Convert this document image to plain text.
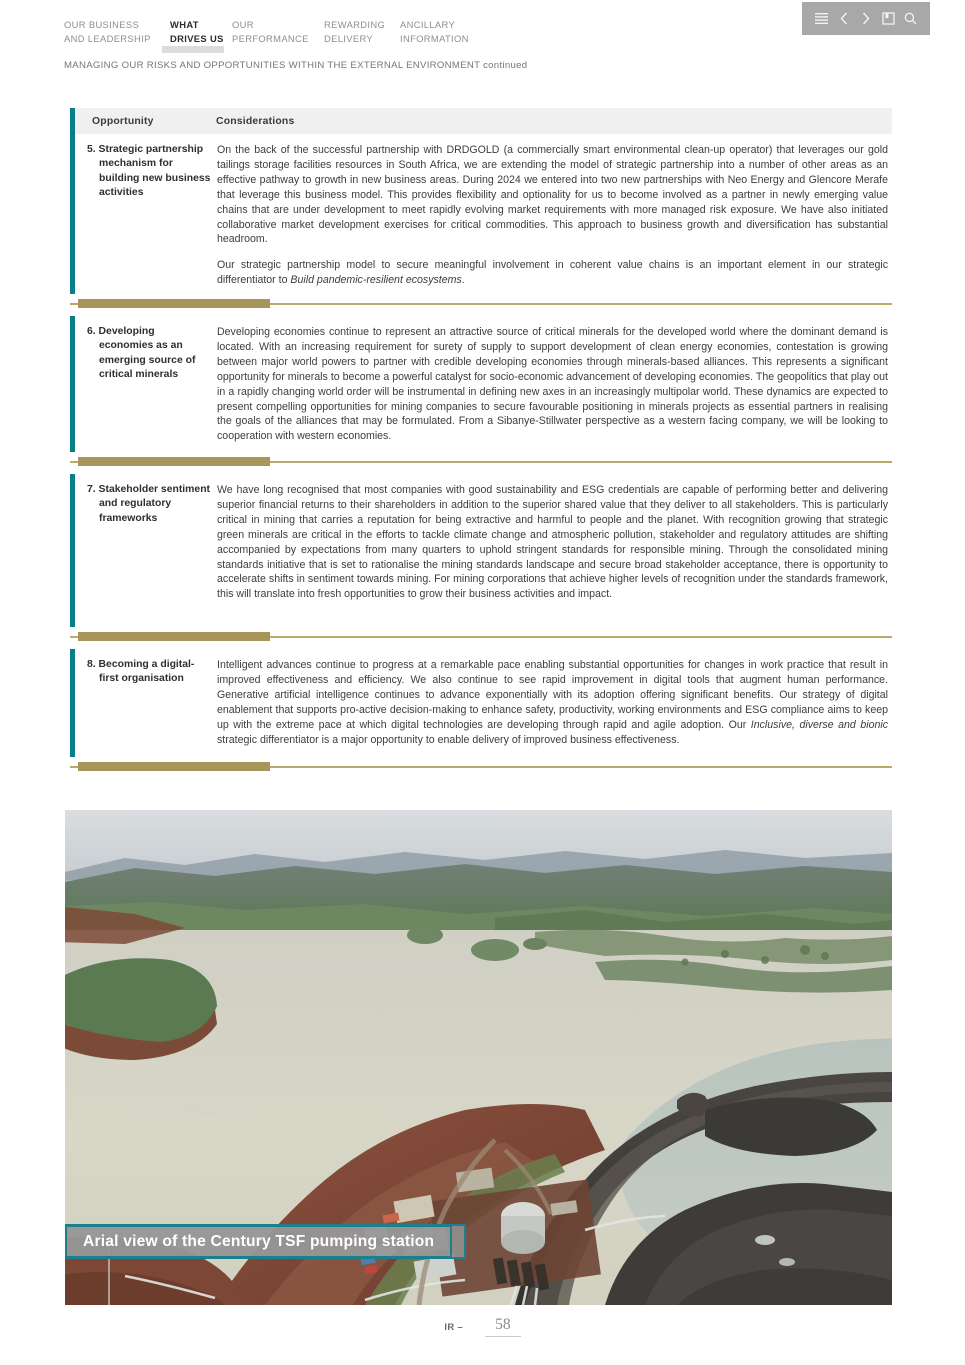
OUR BUSINESS
AND LEADERSHIP
WHAT
DRIVES US
OUR
PERFORMANCE
REWARDING
DELIVERY
ANCILLARY
INFORMATION
MANAGING OUR RISKS AND OPPORTUNITIES WITHIN THE EXTERNAL ENVIRONMENT continued
Opportunity	Considerations
5. Strategic partnership mechanism for building new business activities

On the back of the successful partnership with DRDGOLD (a commercially smart environmental clean-up operator) that leverages our gold tailings storage facilities resources in South Africa, we are extending the model of strategic partnership into a number of other areas as an effective pathway to growth in new business areas. During 2024 we entered into two new partnerships with Neo Energy and Glencore Merafe that leverage this business model. This provides flexibility and optionality for us to become involved as a partner in newly emerging value chains that are under development to meet rapidly evolving market requirements with more managed risk exposure. We have also initiated collaborative market development exercises for critical commodities. This approach to business growth and diversification has substantial headroom.

Our strategic partnership model to secure meaningful involvement in coherent value chains is an important element in our strategic differentiator to Build pandemic-resilient ecosystems.

6. Developing economies as an emerging source of critical minerals

Developing economies continue to represent an attractive source of critical minerals for the developed world where the dominant demand is located. With an increasing requirement for surety of supply to support development of clean energy economies, contestation is growing between major world powers to partner with credible developing economies through minerals-based alliances. This represents a significant opportunity for minerals to become a powerful catalyst for socio-economic advancement of developing economies. The geopolitics that play out in a rapidly changing world order will be instrumental in defining new axes in an increasingly multipolar world. These dynamics are expected to present compelling opportunities for mining companies to secure favourable positioning in minerals projects as essential partners in realising the goals of the alliances that may be formulated. From a Sibanye-Stillwater perspective as a western facing company, we will be looking to cooperation with western economies.

7. Stakeholder sentiment and regulatory frameworks

We have long recognised that most companies with good sustainability and ESG credentials are capable of performing better and delivering superior financial returns to their shareholders in addition to the superior shared value that they deliver to all stakeholders. This is particularly critical in mining that carries a reputation for being extractive and harmful to people and the planet. With recognition growing that strategic green minerals are critical in the efforts to tackle climate change and atmospheric pollution, stakeholder and regulatory attitudes are shifting accompanied by expectations from many quarters to uphold stringent standards for responsible mining. Through the consolidated mining standards initiative that is set to rationalise the mining standards landscape and secure broad stakeholder acceptance, there is opportunity to accelerate shifts in sentiment towards mining. For mining corporations that achieve higher levels of recognition under the standards framework, this will translate into fresh opportunities to grow their business activities and impact.

8. Becoming a digital-first organisation

Intelligent advances continue to progress at a remarkable pace enabling substantial opportunities for changes in work practice that result in improved effectiveness and efficiency. We also continue to see rapid improvement in digital tools that augment human performance. Generative artificial intelligence continues to advance exponentially with its adoption offering significant benefits. Our strategy of digital enablement that supports pro-active decision-making to enhance safety, productivity, working environments and ESG compliance aims to keep up with the extreme pace at which digital technologies are developing through rapid and agile adoption. Our Inclusive, diverse and bionic strategic differentiator is a major opportunity to enable delivery of improved business effectiveness.

Arial view of the Century TSF pumping station
IR –	58
